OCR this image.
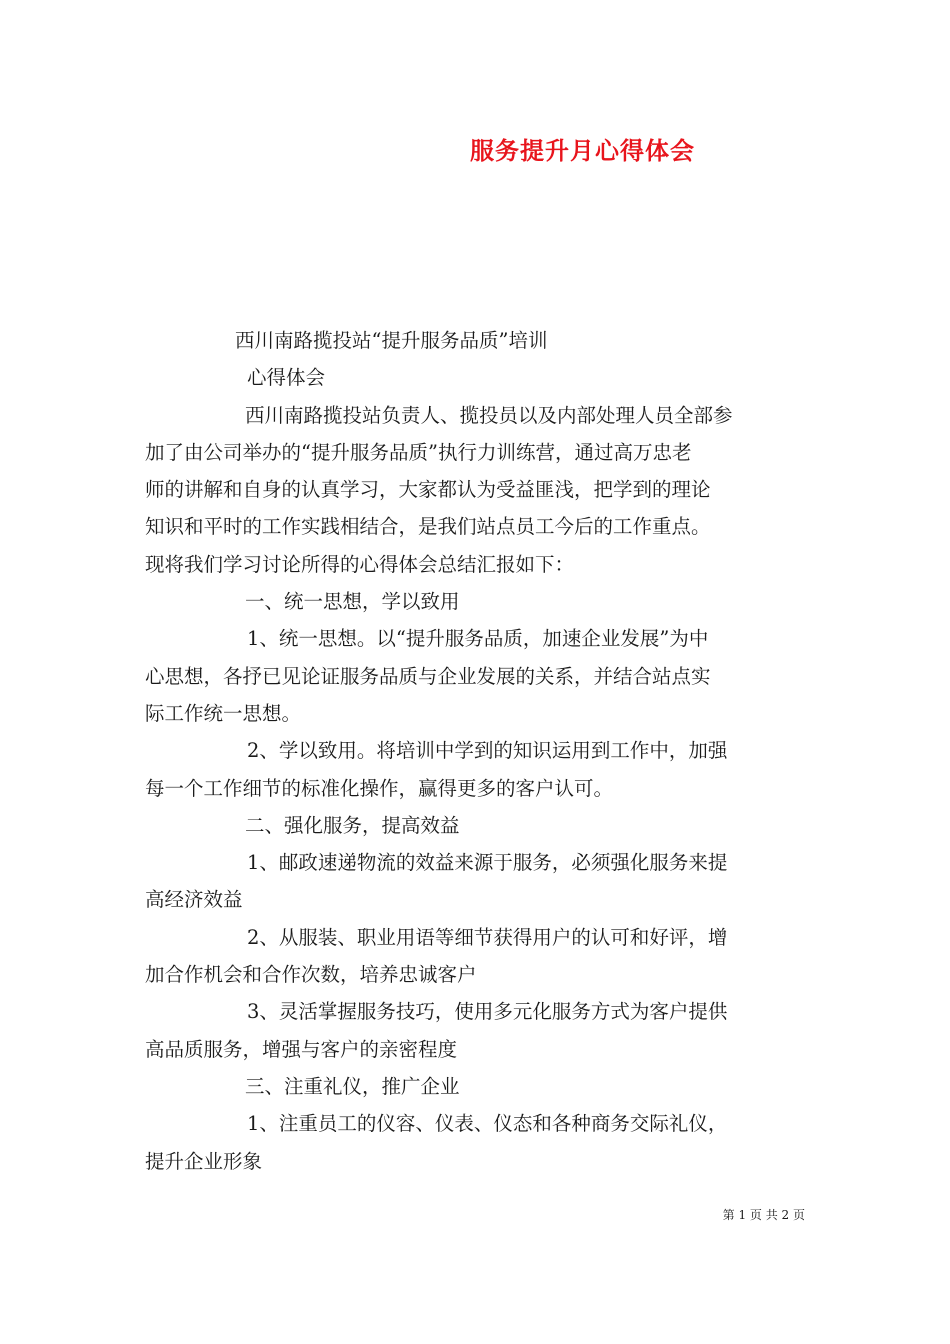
服务提升月心得体会
西川南路揽投站“提升服务品质”培训
心得体会
西川南路揽投站负责人、揽投员以及内部处理人员全部参
加了由公司举办的“提升服务品质”执行力训练营，通过高万忠老
师的讲解和自身的认真学习，大家都认为受益匪浅，把学到的理论
知识和平时的工作实践相结合，是我们站点员工今后的工作重点。
现将我们学习讨论所得的心得体会总结汇报如下：
一、统一思想，学以致用
1、统一思想。以“提升服务品质，加速企业发展”为中
心思想，各抒已见论证服务品质与企业发展的关系，并结合站点实
际工作统一思想。
2、学以致用。将培训中学到的知识运用到工作中，加强
每一个工作细节的标准化操作，赢得更多的客户认可。
二、强化服务，提高效益
1、邮政速递物流的效益来源于服务，必须强化服务来提
高经济效益
2、从服装、职业用语等细节获得用户的认可和好评，增
加合作机会和合作次数，培养忠诚客户
3、灵活掌握服务技巧，使用多元化服务方式为客户提供
高品质服务，增强与客户的亲密程度
三、注重礼仪，推广企业
1、注重员工的仪容、仪表、仪态和各种商务交际礼仪，
提升企业形象
第 1 页 共 2 页
